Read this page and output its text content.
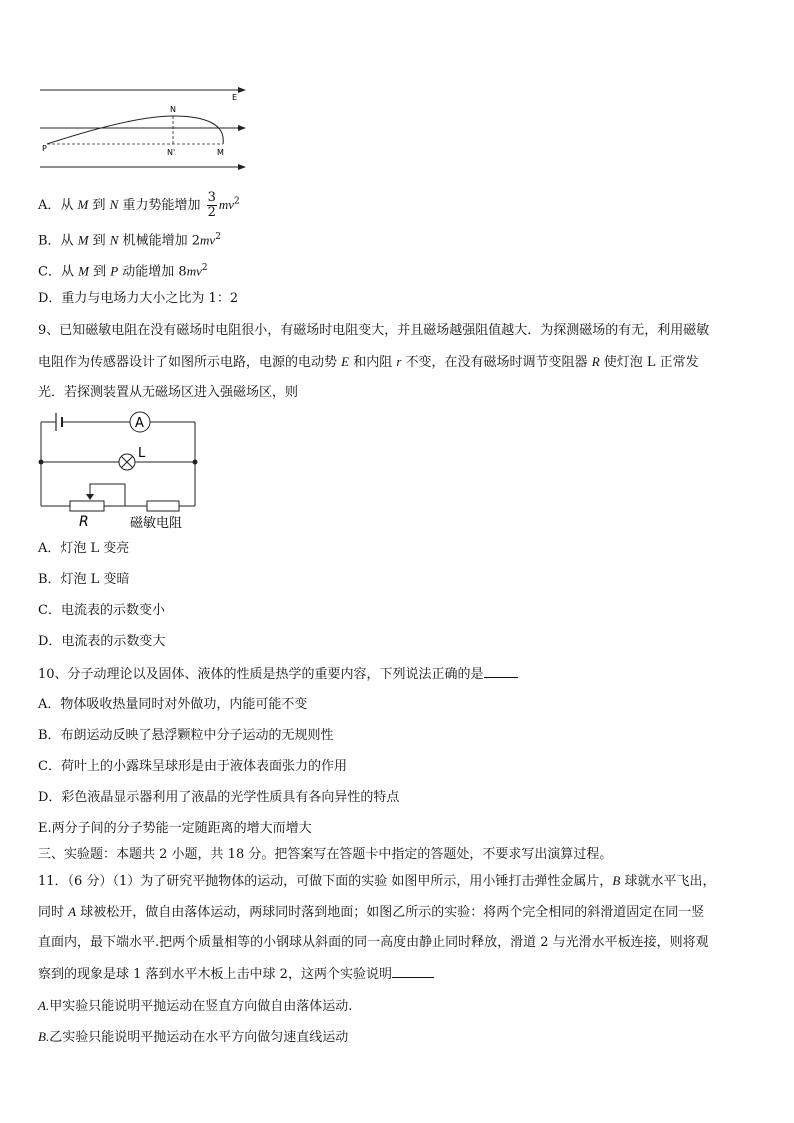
E
N
P	N'	M
A．从 M 到 N 重力势能增加 $\frac{3}{2} mv^2$
B．从 M 到 N 机械能增加 $2mv^2$
C．从 M 到 P 动能增加 $8mv^2$
D．重力与电场力大小之比为 1：2
9、已知磁敏电阻在没有磁场时电阻很小，有磁场时电阻变大，并且磁场越强阻值越大．为探测磁场的有无，利用磁敏
电阻作为传感器设计了如图所示电路，电源的电动势 E 和内阻 r 不变，在没有磁场时调节变阻器 R 使灯泡 L 正常发
光．若探测装置从无磁场区进入强磁场区，则
A
L
R	磁敏电阻
A．灯泡 L 变亮
B．灯泡 L 变暗
C．电流表的示数变小
D．电流表的示数变大
10、分子动理论以及固体、液体的性质是热学的重要内容，下列说法正确的是
A．物体吸收热量同时对外做功，内能可能不变
B．布朗运动反映了悬浮颗粒中分子运动的无规则性
C．荷叶上的小露珠呈球形是由于液体表面张力的作用
D．彩色液晶显示器利用了液晶的光学性质具有各向异性的特点
E.两分子间的分子势能一定随距离的增大而增大
三、实验题：本题共 2 小题，共 18 分。把答案写在答题卡中指定的答题处，不要求写出演算过程。
11．（6 分）（1）为了研究平抛物体的运动，可做下面的实验 如图甲所示，用小锤打击弹性金属片，B 球就水平飞出，
同时 A 球被松开，做自由落体运动，两球同时落到地面；如图乙所示的实验：将两个完全相同的斜滑道固定在同一竖
直面内，最下端水平.把两个质量相等的小钢球从斜面的同一高度由静止同时释放，滑道 2 与光滑水平板连接，则将观
察到的现象是球 1 落到水平木板上击中球 2，这两个实验说明
A.甲实验只能说明平抛运动在竖直方向做自由落体运动.
B.乙实验只能说明平抛运动在水平方向做匀速直线运动
